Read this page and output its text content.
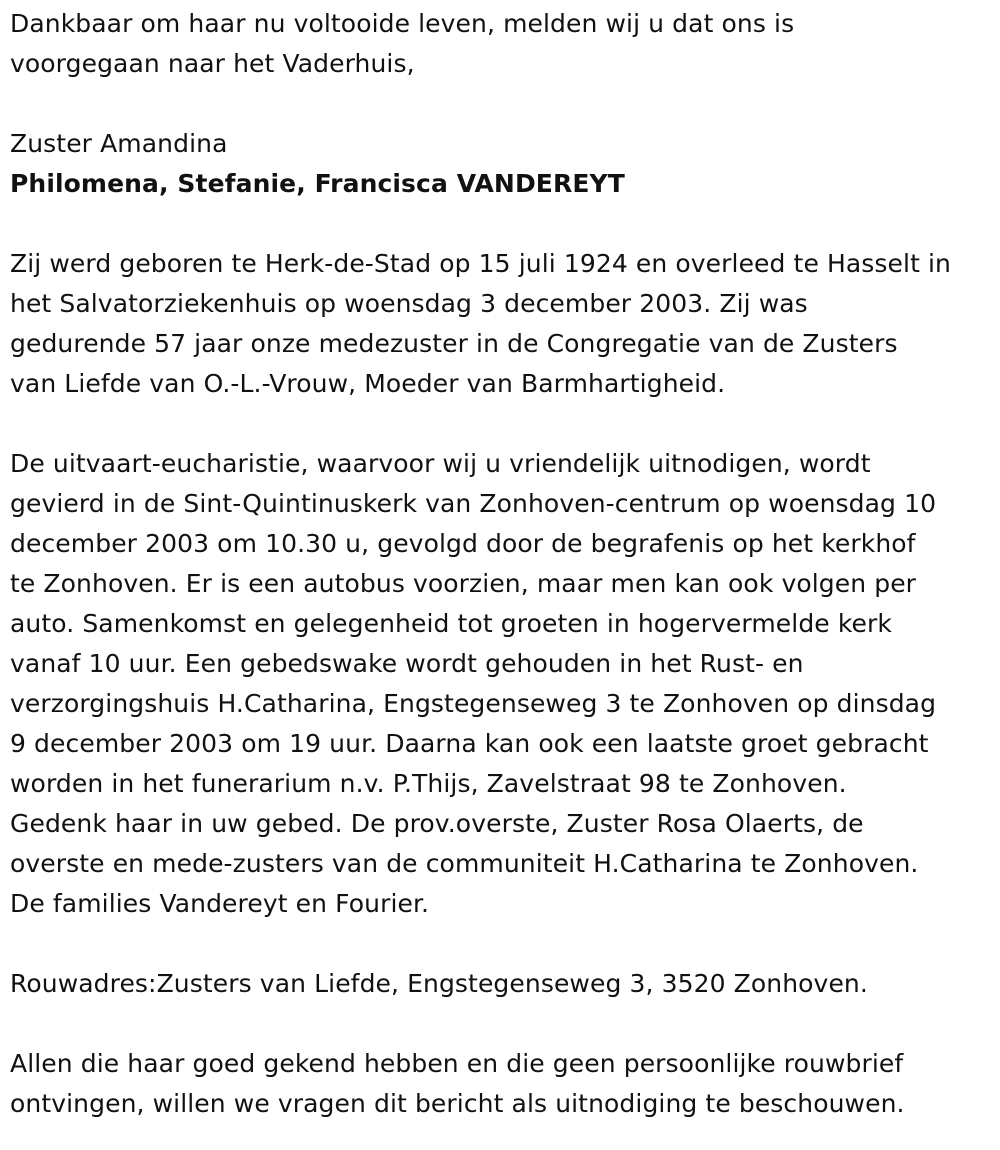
Dankbaar om haar nu voltooide leven, melden wij u dat ons is

voorgegaan naar het Vaderhuis,

Zuster Amandina

Philomena, Stefanie, Francisca VANDEREYT

Zij werd geboren te Herk-de-Stad op 15 juli 1924 en overleed te Hasselt in

het Salvatorziekenhuis op woensdag 3 december 2003. Zij was

gedurende 57 jaar onze medezuster in de Congregatie van de Zusters

van Liefde van O.-L.-Vrouw, Moeder van Barmhartigheid.

De uitvaart-eucharistie, waarvoor wij u vriendelijk uitnodigen, wordt

gevierd in de Sint-Quintinuskerk van Zonhoven-centrum op woensdag 10

december 2003 om 10.30 u, gevolgd door de begrafenis op het kerkhof

te Zonhoven. Er is een autobus voorzien, maar men kan ook volgen per

auto. Samenkomst en gelegenheid tot groeten in hogervermelde kerk

vanaf 10 uur. Een gebedswake wordt gehouden in het Rust- en

verzorgingshuis H.Catharina, Engstegenseweg 3 te Zonhoven op dinsdag

9 december 2003 om 19 uur. Daarna kan ook een laatste groet gebracht

worden in het funerarium n.v. P.Thijs, Zavelstraat 98 te Zonhoven.

Gedenk haar in uw gebed. De prov.overste, Zuster Rosa Olaerts, de

overste en mede-zusters van de communiteit H.Catharina te Zonhoven.

De families Vandereyt en Fourier.

Rouwadres:Zusters van Liefde, Engstegenseweg 3, 3520 Zonhoven.

Allen die haar goed gekend hebben en die geen persoonlijke rouwbrief

ontvingen, willen we vragen dit bericht als uitnodiging te beschouwen.
